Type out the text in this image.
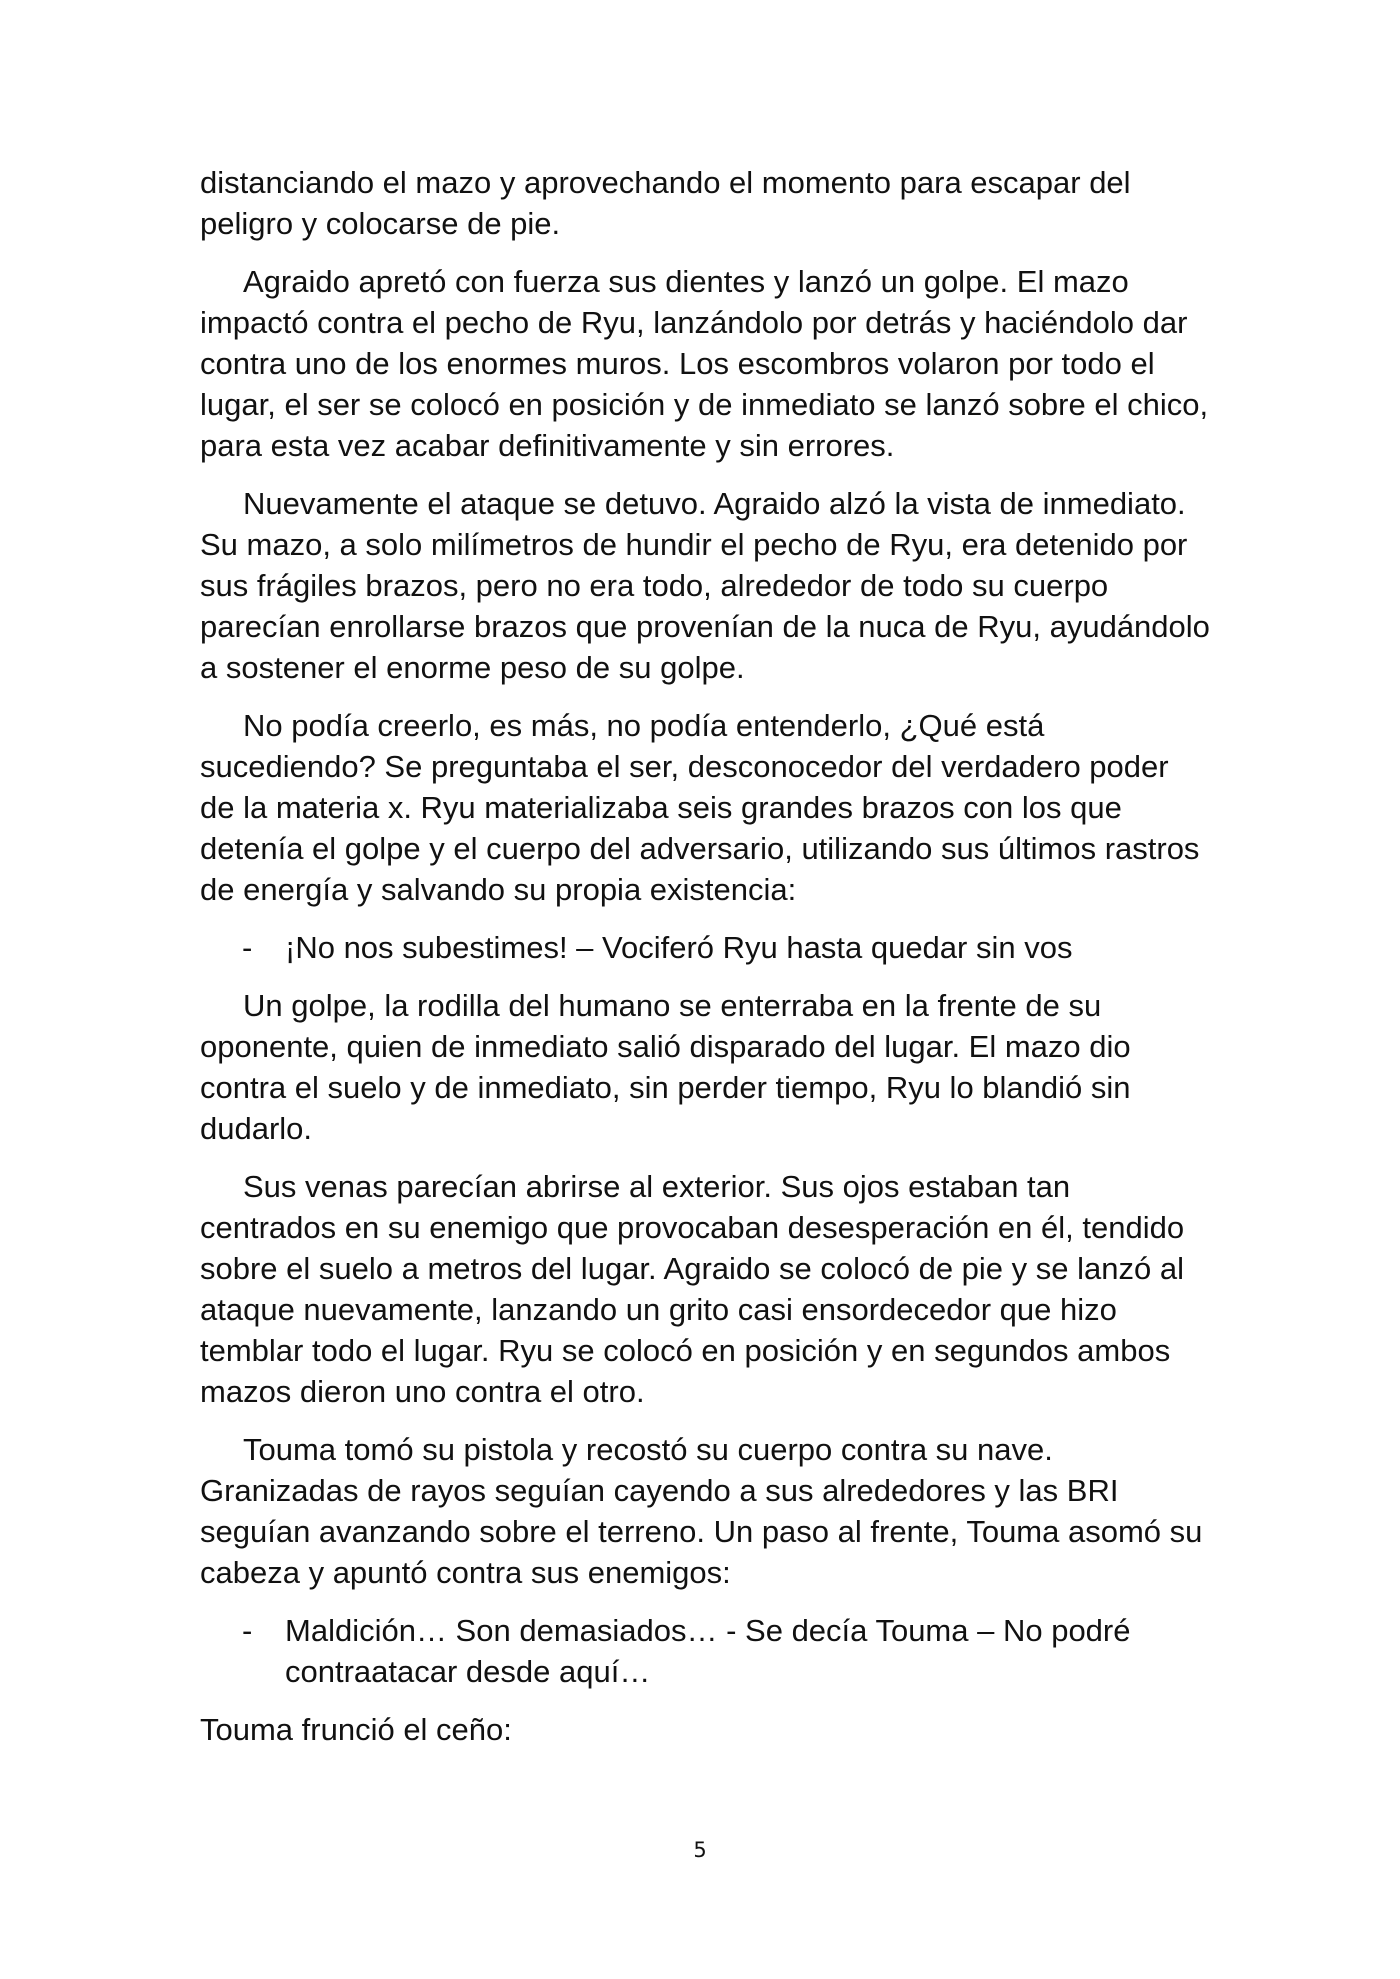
distanciando el mazo y aprovechando el momento para escapar del peligro y colocarse de pie.

Agraido apretó con fuerza sus dientes y lanzó un golpe. El mazo impactó contra el pecho de Ryu, lanzándolo por detrás y haciéndolo dar contra uno de los enormes muros. Los escombros volaron por todo el lugar, el ser se colocó en posición y de inmediato se lanzó sobre el chico, para esta vez acabar definitivamente y sin errores.

Nuevamente el ataque se detuvo. Agraido alzó la vista de inmediato. Su mazo, a solo milímetros de hundir el pecho de Ryu, era detenido por sus frágiles brazos, pero no era todo, alrededor de todo su cuerpo parecían enrollarse brazos que provenían de la nuca de Ryu, ayudándolo a sostener el enorme peso de su golpe.

No podía creerlo, es más, no podía entenderlo, ¿Qué está sucediendo? Se preguntaba el ser, desconocedor del verdadero poder de la materia x. Ryu materializaba seis grandes brazos con los que detenía el golpe y el cuerpo del adversario, utilizando sus últimos rastros de energía y salvando su propia existencia:

- ¡No nos subestimes! – Vociferó Ryu hasta quedar sin vos

Un golpe, la rodilla del humano se enterraba en la frente de su oponente, quien de inmediato salió disparado del lugar. El mazo dio contra el suelo y de inmediato, sin perder tiempo, Ryu lo blandió sin dudarlo.

Sus venas parecían abrirse al exterior. Sus ojos estaban tan centrados en su enemigo que provocaban desesperación en él, tendido sobre el suelo a metros del lugar. Agraido se colocó de pie y se lanzó al ataque nuevamente, lanzando un grito casi ensordecedor que hizo temblar todo el lugar. Ryu se colocó en posición y en segundos ambos mazos dieron uno contra el otro.

Touma tomó su pistola y recostó su cuerpo contra su nave. Granizadas de rayos seguían cayendo a sus alrededores y las BRI seguían avanzando sobre el terreno. Un paso al frente, Touma asomó su cabeza y apuntó contra sus enemigos:

- Maldición… Son demasiados… - Se decía Touma – No podré contraatacar desde aquí…

Touma frunció el ceño:

5
